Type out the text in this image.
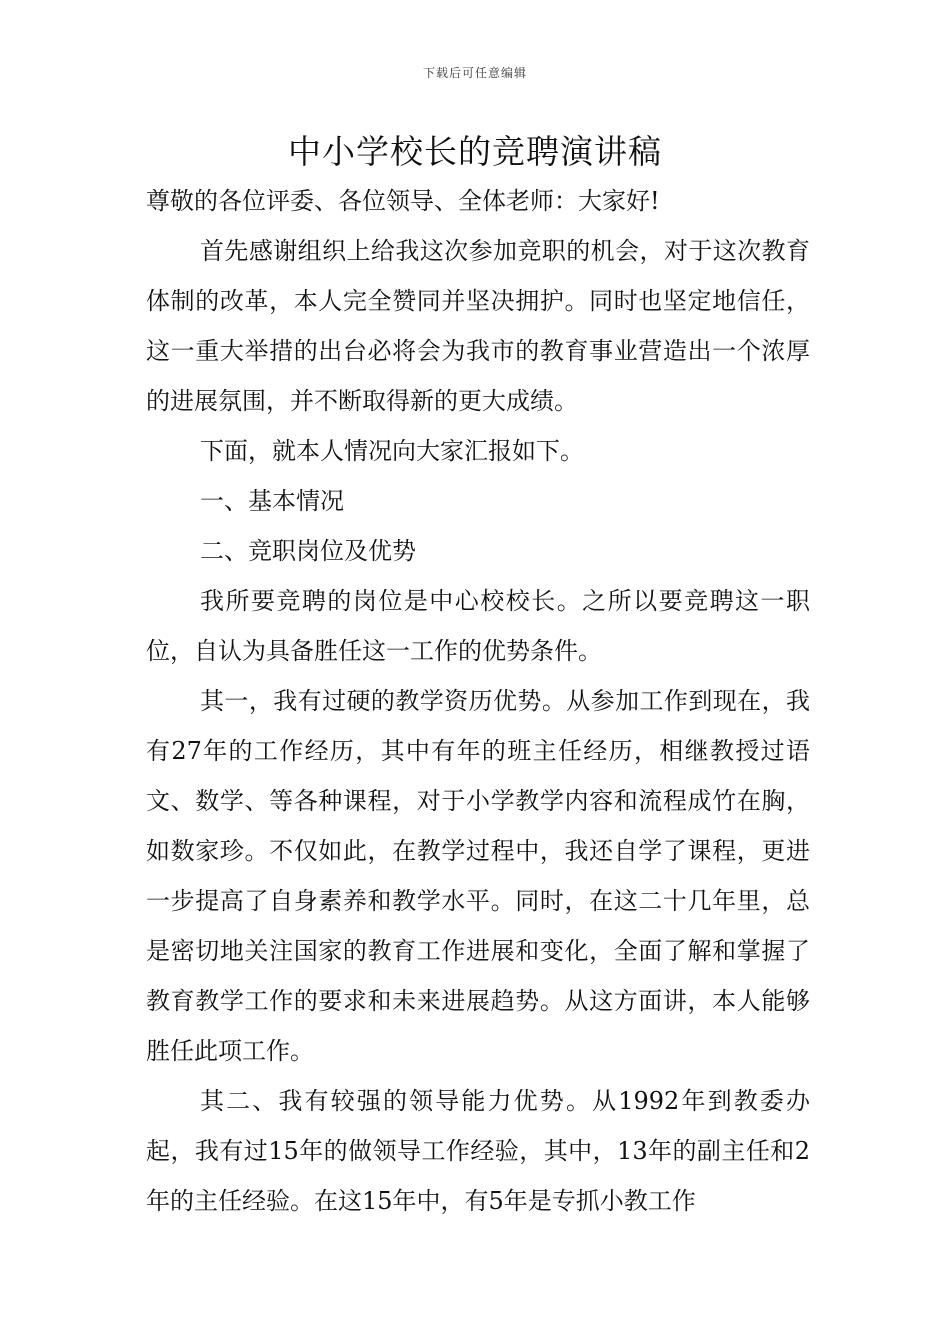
下载后可任意编辑
中小学校长的竞聘演讲稿

尊敬的各位评委、各位领导、全体老师：大家好!

首先感谢组织上给我这次参加竞职的机会，对于这次教育体制的改革，本人完全赞同并坚决拥护。同时也坚定地信任，这一重大举措的出台必将会为我市的教育事业营造出一个浓厚的进展氛围，并不断取得新的更大成绩。

下面，就本人情况向大家汇报如下。

一、基本情况

二、竞职岗位及优势

我所要竞聘的岗位是中心校校长。之所以要竞聘这一职位，自认为具备胜任这一工作的优势条件。

其一，我有过硬的教学资历优势。从参加工作到现在，我有27年的工作经历，其中有年的班主任经历，相继教授过语文、数学、等各种课程，对于小学教学内容和流程成竹在胸，如数家珍。不仅如此，在教学过程中，我还自学了课程，更进一步提高了自身素养和教学水平。同时，在这二十几年里，总是密切地关注国家的教育工作进展和变化，全面了解和掌握了教育教学工作的要求和未来进展趋势。从这方面讲，本人能够胜任此项工作。

其二、我有较强的领导能力优势。从1992年到教委办起，我有过15年的做领导工作经验，其中，13年的副主任和2年的主任经验。在这15年中，有5年是专抓小教工作
